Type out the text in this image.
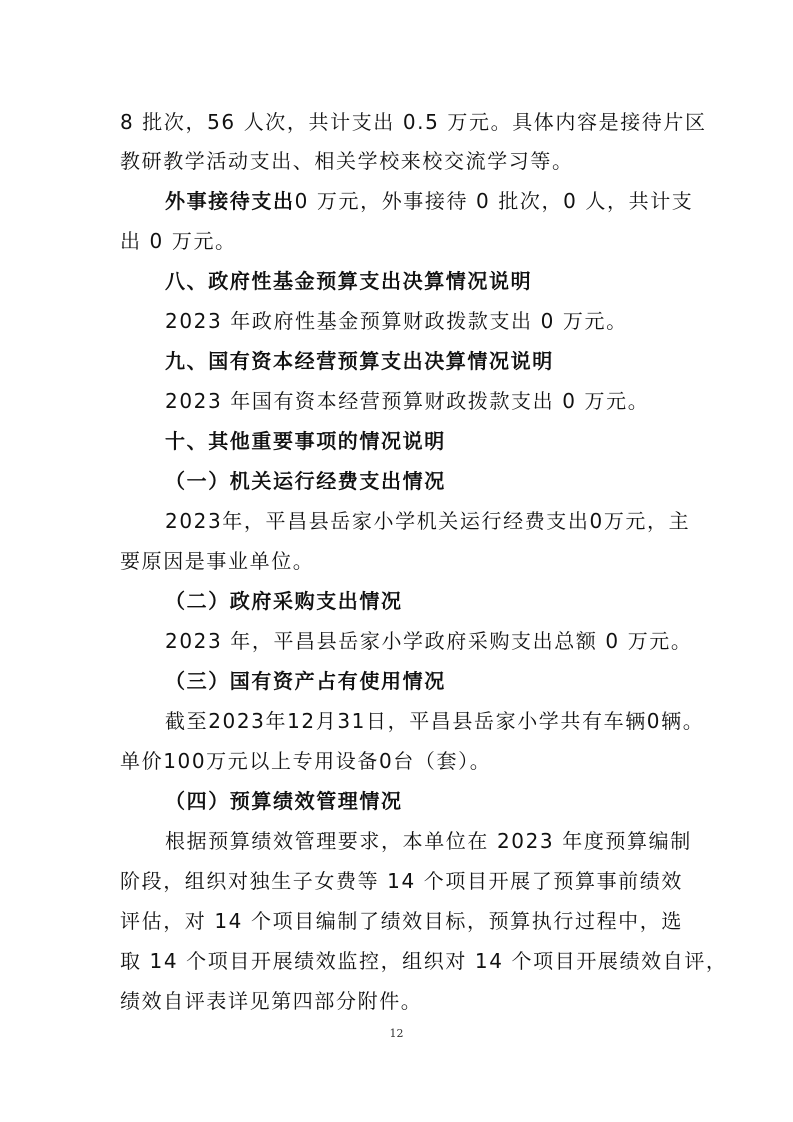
8 批次，56 人次，共计支出 0.5 万元。具体内容是接待片区
教研教学活动支出、相关学校来校交流学习等。
外事接待支出0 万元，外事接待 0 批次，0 人，共计支
出 0 万元。
八、政府性基金预算支出决算情况说明
2023 年政府性基金预算财政拨款支出 0 万元。
九、国有资本经营预算支出决算情况说明
2023 年国有资本经营预算财政拨款支出 0 万元。
十、其他重要事项的情况说明
（一）机关运行经费支出情况
2023年，平昌县岳家小学机关运行经费支出0万元，主
要原因是事业单位。
（二）政府采购支出情况
2023 年，平昌县岳家小学政府采购支出总额 0 万元。
（三）国有资产占有使用情况
截至2023年12月31日，平昌县岳家小学共有车辆0辆。
单价100万元以上专用设备0台（套）。
（四）预算绩效管理情况
根据预算绩效管理要求，本单位在 2023 年度预算编制
阶段，组织对独生子女费等 14 个项目开展了预算事前绩效
评估，对 14 个项目编制了绩效目标，预算执行过程中，选
取 14 个项目开展绩效监控，组织对 14 个项目开展绩效自评，
绩效自评表详见第四部分附件。
12
